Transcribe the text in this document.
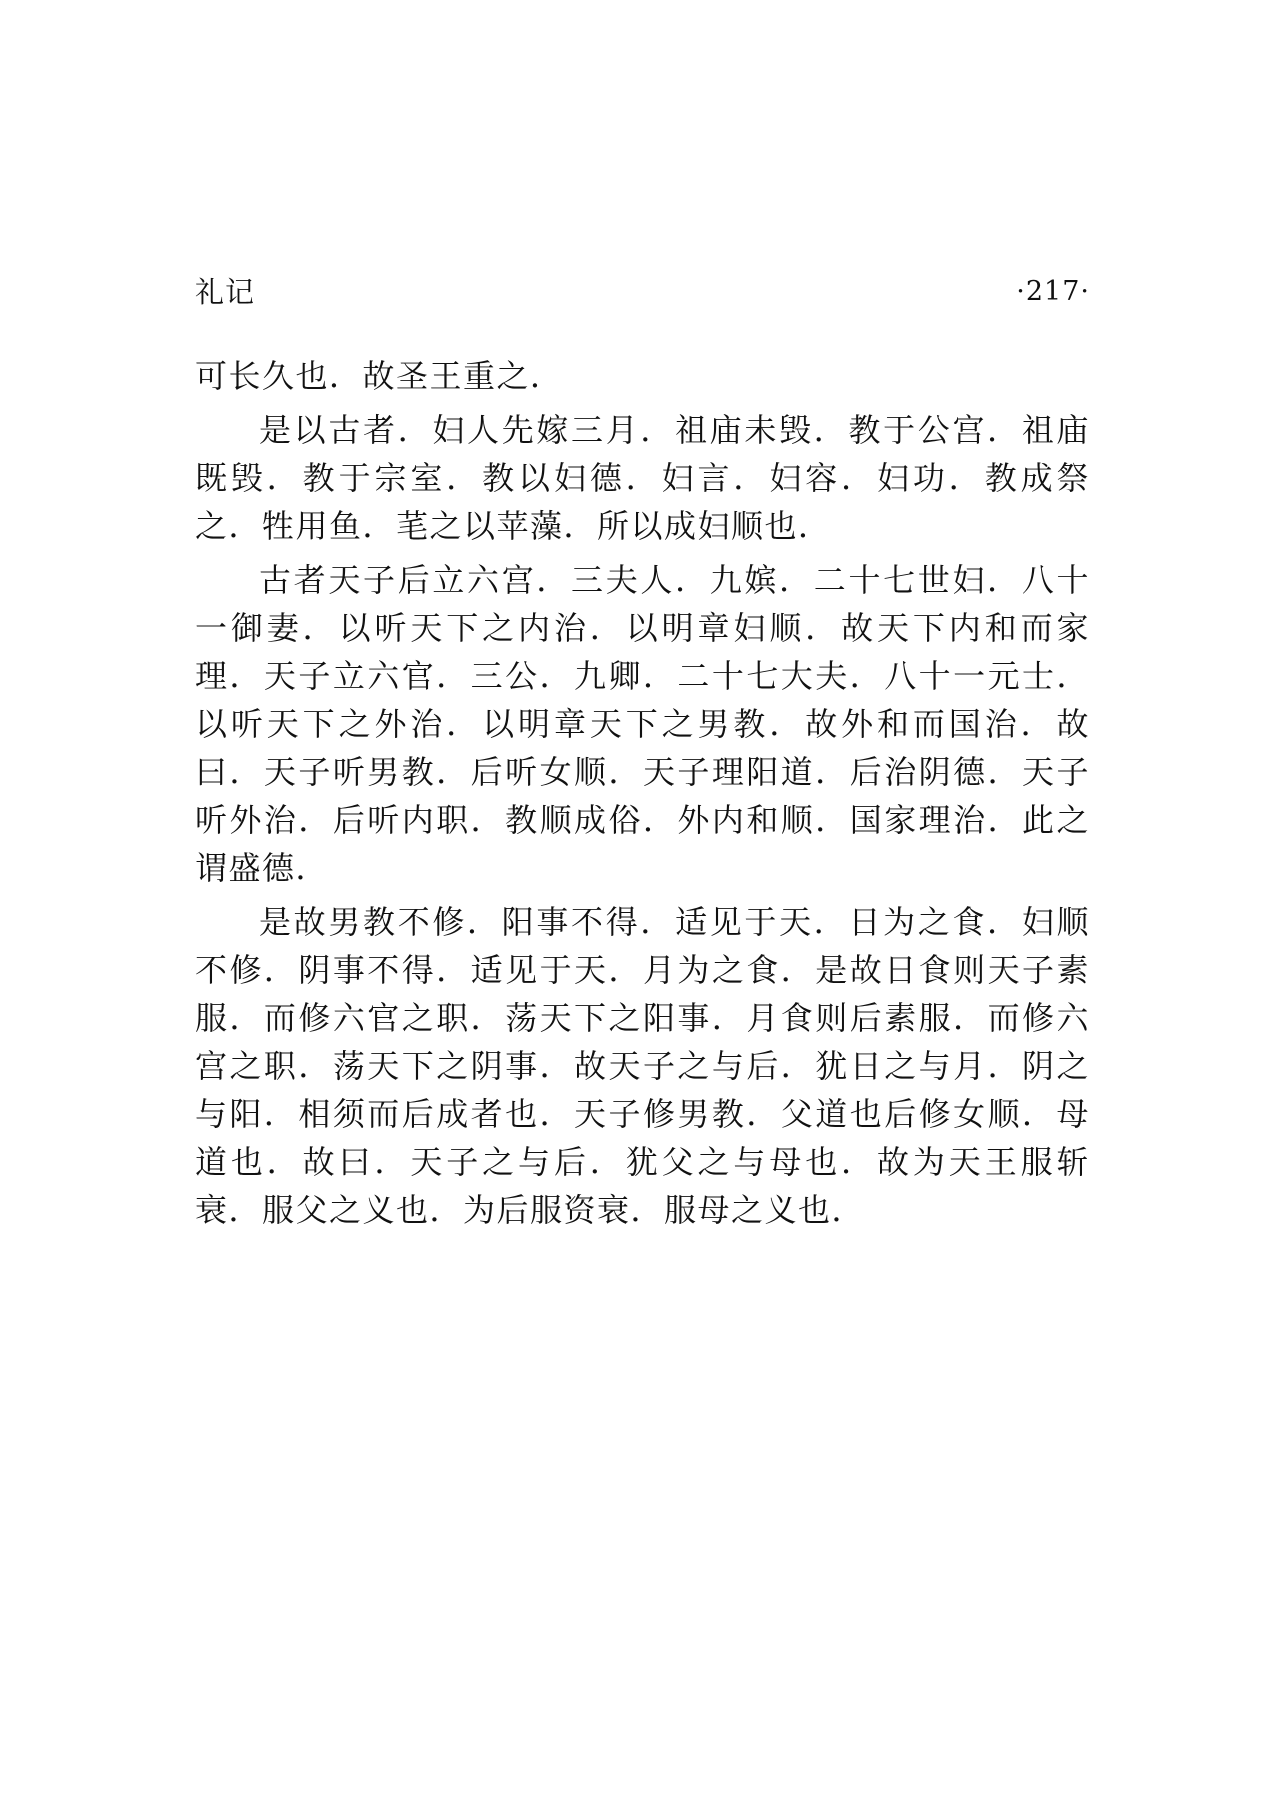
礼记	·217·

可长久也．故圣王重之．

是以古者．妇人先嫁三月．祖庙未毁．教于公宫．祖庙既毁．教于宗室．教以妇德．妇言．妇容．妇功．教成祭之．牲用鱼．芼之以苹藻．所以成妇顺也．

古者天子后立六宫．三夫人．九嫔．二十七世妇．八十一御妻．以听天下之内治．以明章妇顺．故天下内和而家理．天子立六官．三公．九卿．二十七大夫．八十一元士．以听天下之外治．以明章天下之男教．故外和而国治．故曰．天子听男教．后听女顺．天子理阳道．后治阴德．天子听外治．后听内职．教顺成俗．外内和顺．国家理治．此之谓盛德．

是故男教不修．阳事不得．适见于天．日为之食．妇顺不修．阴事不得．适见于天．月为之食．是故日食则天子素服．而修六官之职．荡天下之阳事．月食则后素服．而修六宫之职．荡天下之阴事．故天子之与后．犹日之与月．阴之与阳．相须而后成者也．天子修男教．父道也后修女顺．母道也．故曰．天子之与后．犹父之与母也．故为天王服斩衰．服父之义也．为后服资衰．服母之义也．
